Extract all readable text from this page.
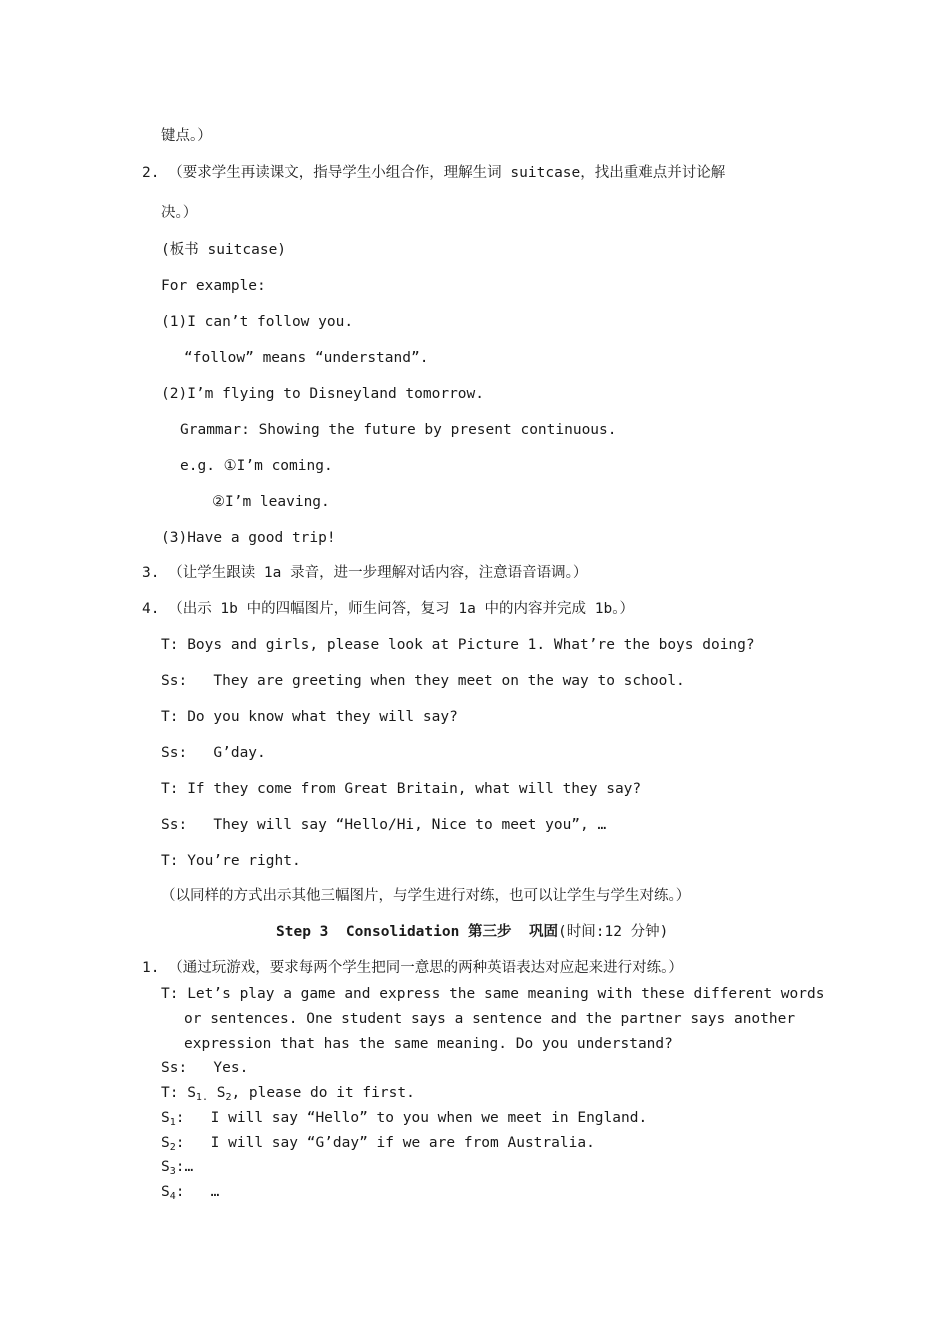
键点。）
2. （要求学生再读课文，指导学生小组合作，理解生词 suitcase，找出重难点并讨论解
决。）
(板书 suitcase)
For example:
(1)I can’t follow you.
“follow” means “understand”.
(2)I’m flying to Disneyland tomorrow.
Grammar: Showing the future by present continuous.
e.g. ①I’m coming.
②I’m leaving.
(3)Have a good trip!
3. （让学生跟读 1a 录音，进一步理解对话内容，注意语音语调。）
4. （出示 1b 中的四幅图片，师生问答，复习 1a 中的内容并完成 1b。）
T: Boys and girls, please look at Picture 1. What’re the boys doing?
Ss:   They are greeting when they meet on the way to school.
T: Do you know what they will say?
Ss:   G’day.
T: If they come from Great Britain, what will they say?
Ss:   They will say “Hello/Hi, Nice to meet you”, …
T: You’re right.
（以同样的方式出示其他三幅图片，与学生进行对练，也可以让学生与学生对练。）
Step 3  Consolidation 第三步  巩固(时间:12 分钟)
1. （通过玩游戏，要求每两个学生把同一意思的两种英语表达对应起来进行对练。）
T: Let’s play a game and express the same meaning with these different words
or sentences. One student says a sentence and the partner says another
expression that has the same meaning. Do you understand?
Ss:   Yes.
T: $S_{1.}$ $S_2$, please do it first.
$S_1$:   I will say “Hello” to you when we meet in England.
$S_2$:   I will say “G’day” if we are from Australia.
$S_3:\dots$
$S_4$:   …
